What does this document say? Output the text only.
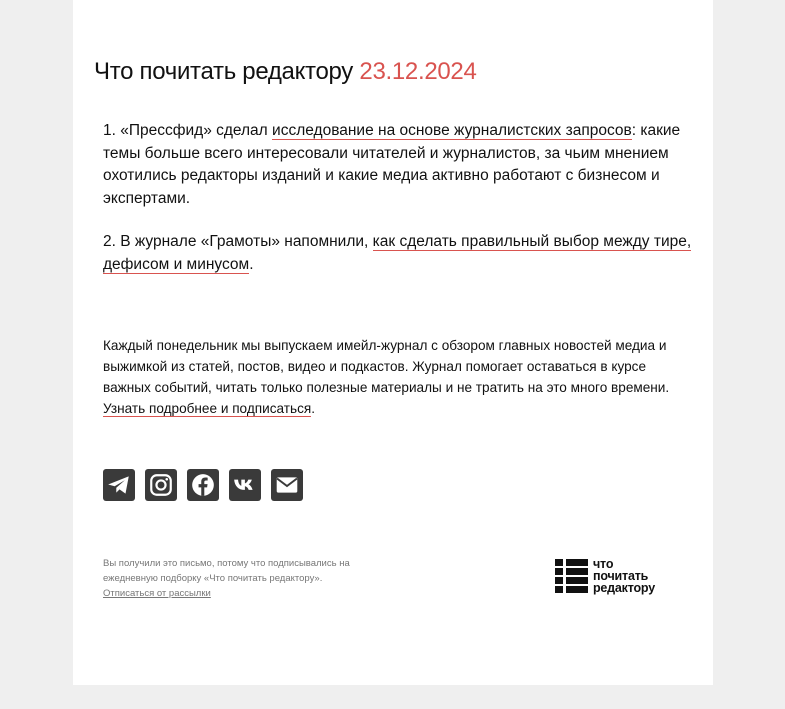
Что почитать редактору 23.12.2024

1. «Прессфид» сделал исследование на основе журналистских запросов: какие темы больше всего интересовали читателей и журналистов, за чьим мнением охотились редакторы изданий и какие медиа активно работают с бизнесом и экспертами.

2. В журнале «Грамоты» напомнили, как сделать правильный выбор между тире, дефисом и минусом.

Каждый понедельник мы выпускаем имейл-журнал с обзором главных новостей медиа и выжимкой из статей, постов, видео и подкастов. Журнал помогает оставаться в курсе важных событий, читать только полезные материалы и не тратить на это много времени. Узнать подробнее и подписаться.
Вы получили это письмо, потому что подписывались на ежедневную подборку «Что почитать редактору».
Отписаться от рассылки
что
почитать
редактору
